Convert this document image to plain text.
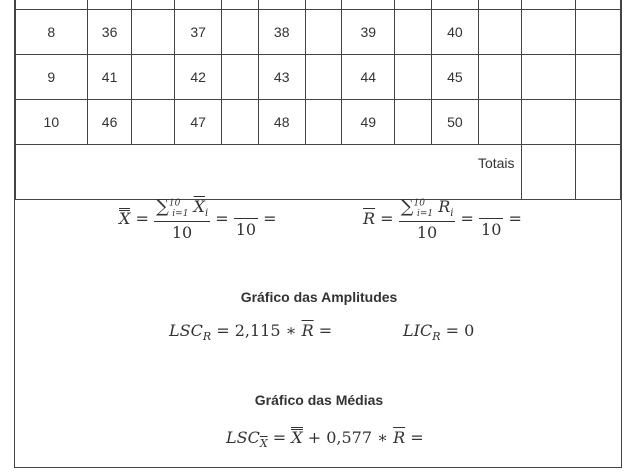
8	36		37		38		39		40			
9	41		42		43		44		45			
10	46		47		48		49		50			
Totais												
$X = \frac{\sum^{10}_{i=1} \overline{X}_i}{10}$ =

10
=	$\overline{R} = \frac{\sum^{10}_{i=1} R_i}{10}$ =

10
=
Gráfico das Amplitudes
$LSC_R = 2,115$ ∗ $\overline{R}$ =	$LIC_R = 0$
Gráfico das Médias
$LSC_{\overline{X}} = X + 0,577$ ∗ $\overline{R}$ =
